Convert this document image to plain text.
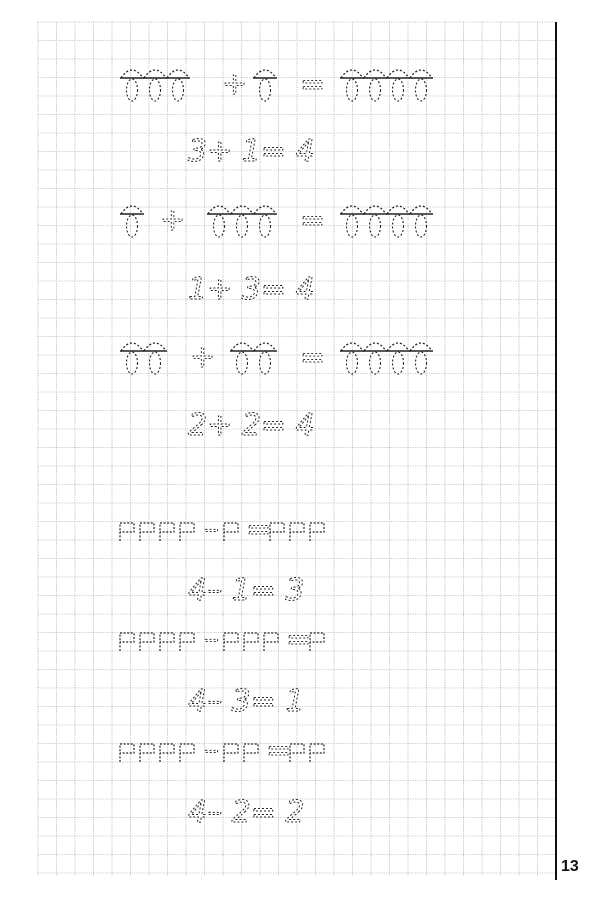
+ =
+	=
+	=
– =
– =
– =
3+ 1= 4
1+ 3= 4
2+ 2= 4
4– 1= 3
4– 3= 1
4– 2= 2
13
